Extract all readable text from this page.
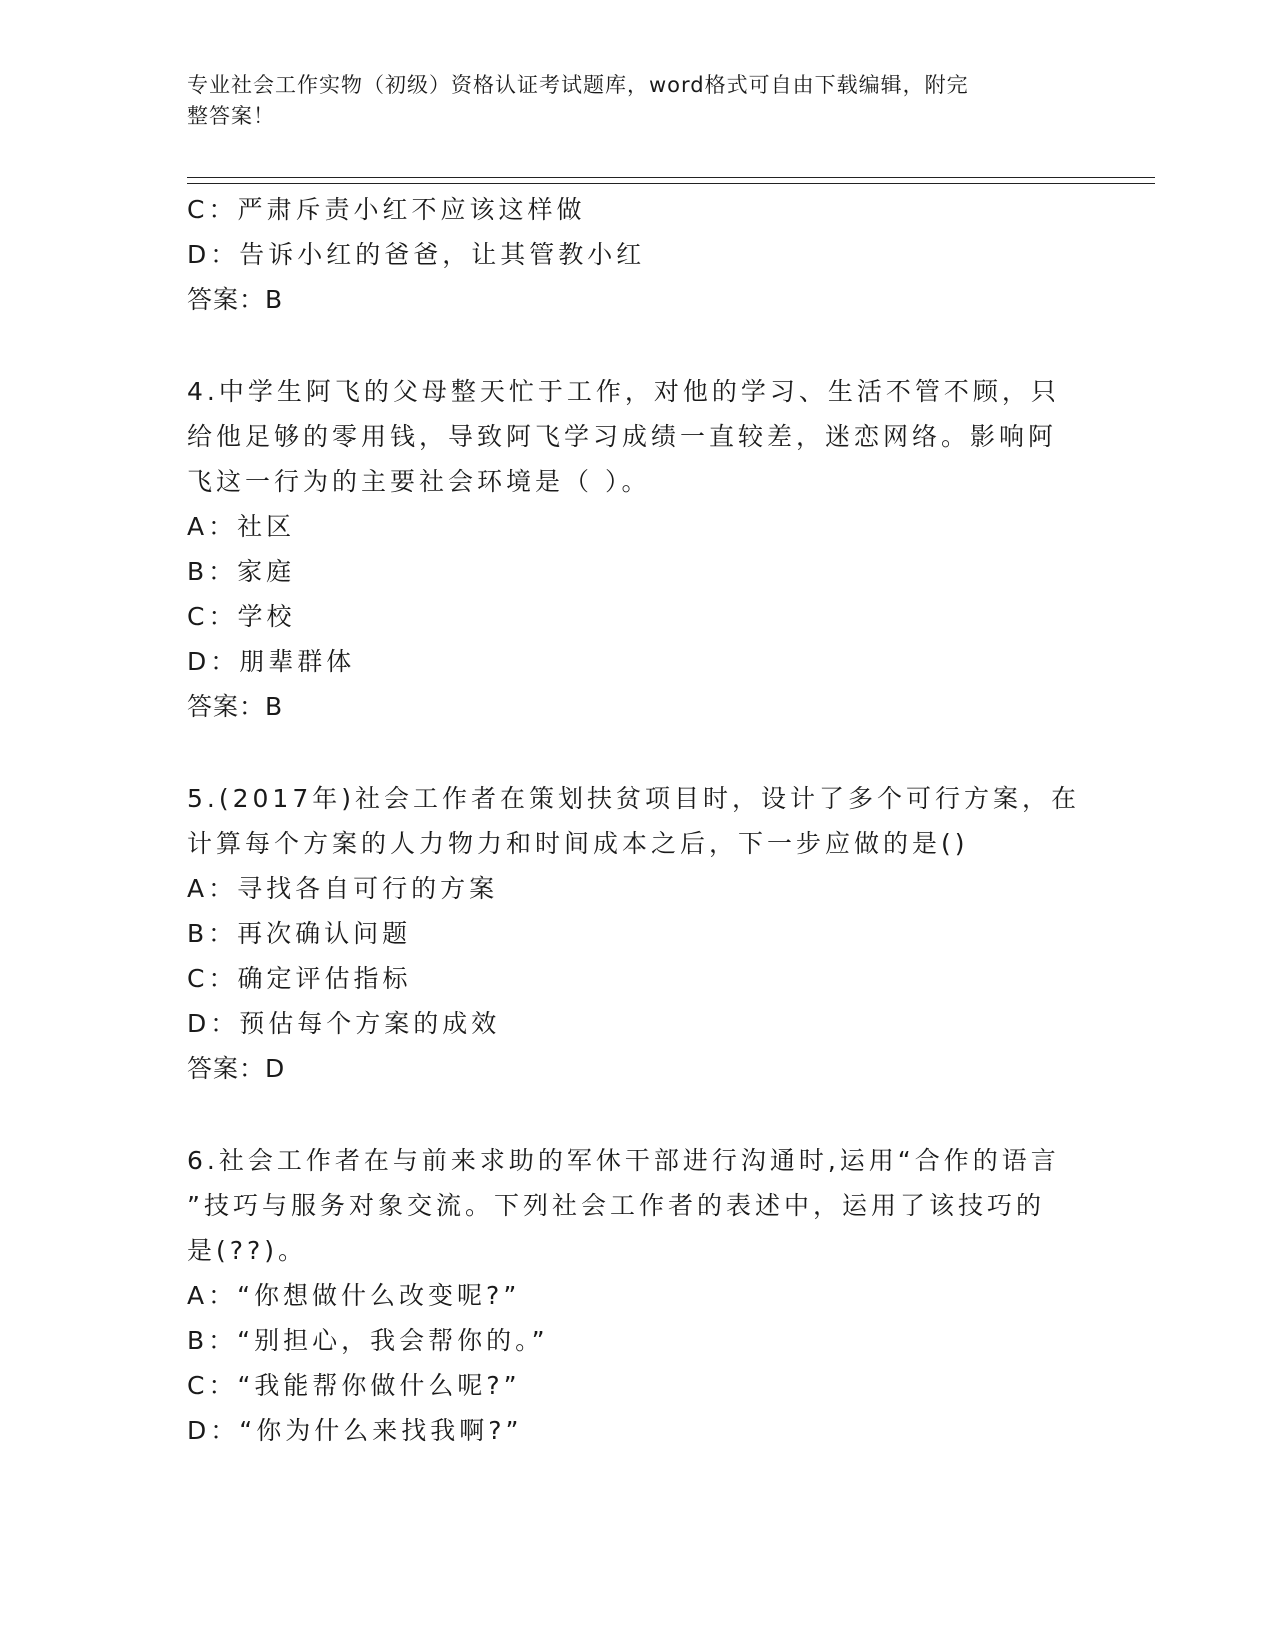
专业社会工作实物（初级）资格认证考试题库，word格式可自由下载编辑，附完
整答案！
C：严肃斥责小红不应该这样做
D：告诉小红的爸爸，让其管教小红
答案：B
4.中学生阿飞的父母整天忙于工作，对他的学习、生活不管不顾，只
给他足够的零用钱，导致阿飞学习成绩一直较差，迷恋网络。影响阿
飞这一行为的主要社会环境是（ ）。
A：社区
B：家庭
C：学校
D：朋辈群体
答案：B
5.(2017年)社会工作者在策划扶贫项目时，设计了多个可行方案，在
计算每个方案的人力物力和时间成本之后，下一步应做的是()
A：寻找各自可行的方案
B：再次确认问题
C：确定评估指标
D：预估每个方案的成效
答案：D
6.社会工作者在与前来求助的军休干部进行沟通时,运用“合作的语言
”技巧与服务对象交流。下列社会工作者的表述中，运用了该技巧的
是(??)。
A：“你想做什么改变呢?”
B：“别担心，我会帮你的。”
C：“我能帮你做什么呢?”
D：“你为什么来找我啊?”
